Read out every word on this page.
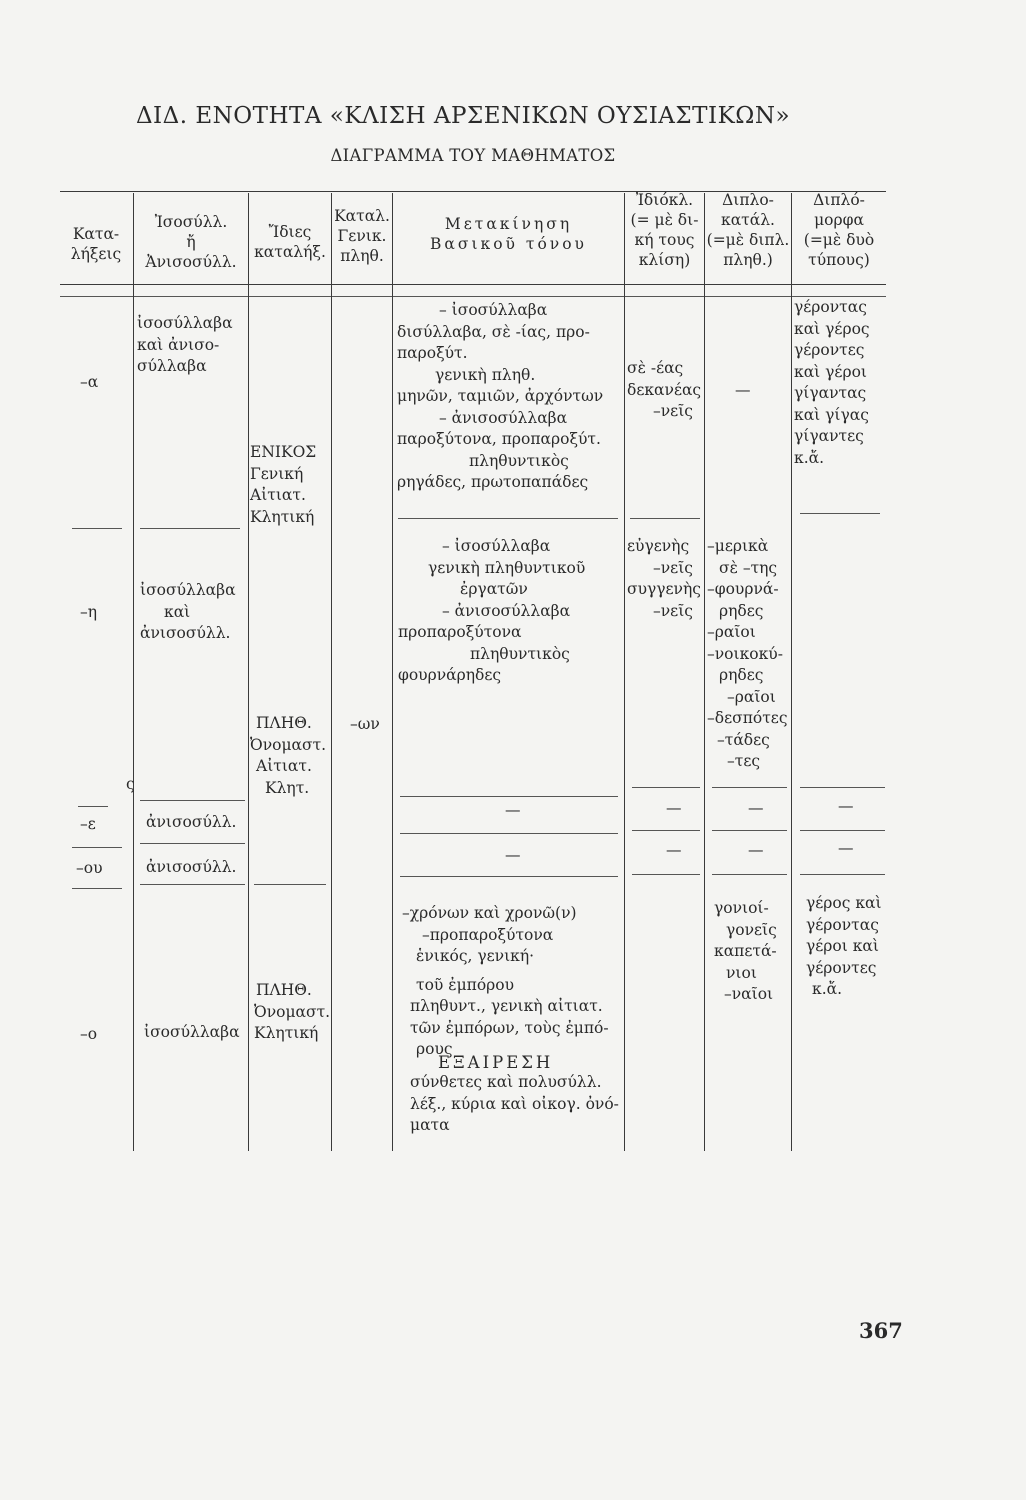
ΔΙΔ. ΕΝΟΤΗΤΑ «ΚΛΙΣΗ ΑΡΣΕΝΙΚΩΝ ΟΥΣΙΑΣΤΙΚΩΝ»
ΔΙΑΓΡΑΜΜΑ ΤΟΥ ΜΑΘΗΜΑΤΟΣ
Κατα-
λήξεις
Ἰσοσύλλ.
ἤ
Ἀνισοσύλλ.
Ἴδιες
καταλήξ.
Καταλ.
Γενικ.
πληθ.
Μετακίνηση
Βασικοῦ τόνου
Ἰδιόκλ.
(= μὲ δι-
κή τους
κλίση)
Διπλο-
κατάλ.
(=μὲ διπλ.
πληθ.)
Διπλό-
μορφα
(=μὲ δυὸ
τύπους)
–α
–η
ς
–ε
–ου
–ο
ἰσοσύλλαβα
καὶ ἀνισο-
σύλλαβα
ἰσοσύλλαβα
καὶ
ἀνισοσύλλ.
ἀνισοσύλλ.
ἀνισοσύλλ.
ἰσοσύλλαβα
ΕΝΙΚΟΣ
Γενική
Αἰτιατ.
Κλητική
ΠΛΗΘ.
Ὀνομαστ.
Αἰτιατ.
Κλητ.
ΠΛΗΘ.
Ὀνομαστ.
Κλητική
–ων
– ἰσοσύλλαβα
δισύλλαβα, σὲ -ίας, προ-
παροξύτ.
γενικὴ πληθ.
μηνῶν, ταμιῶν, ἀρχόντων
– ἀνισοσύλλαβα
παροξύτονα, προπαροξύτ.
πληθυντικὸς
ρηγάδες, πρωτοπαπάδες
– ἰσοσύλλαβα
γενικὴ πληθυντικοῦ
ἐργατῶν
– ἀνισοσύλλαβα
προπαροξύτονα
πληθυντικὸς
φουρνάρηδες
—
—
–χρόνων καὶ χρονῶ(ν)
–προπαροξύτονα
ἑνικός, γενική·
τοῦ ἐμπόρου
πληθυντ., γενικὴ αἰτιατ.
τῶν ἐμπόρων, τοὺς ἐμπό-
ρους
ΕΞΑΙΡΕΣΗ
σύνθετες καὶ πολυσύλλ.
λέξ., κύρια καὶ οἰκογ. ὀνό-
ματα
σὲ -έας
δεκανέας
–νεῖς
εὐγενὴς
–νεῖς
συγγενὴς
–νεῖς
—
—
—
–μερικὰ
σὲ –της
–φουρνά-
ρηδες
–ραῖοι
–νοικοκύ-
ρηδες
–ραῖοι
–δεσπότες
–τάδες
–τες
—
—
γονιοί-
γονεῖς
καπετά-
νιοι
–ναῖοι
γέροντας
καὶ γέρος
γέροντες
καὶ γέροι
γίγαντας
καὶ γίγας
γίγαντες
κ.ἄ.
—
—
γέρος καὶ
γέροντας
γέροι καὶ
γέροντες
κ.ἄ.
367
